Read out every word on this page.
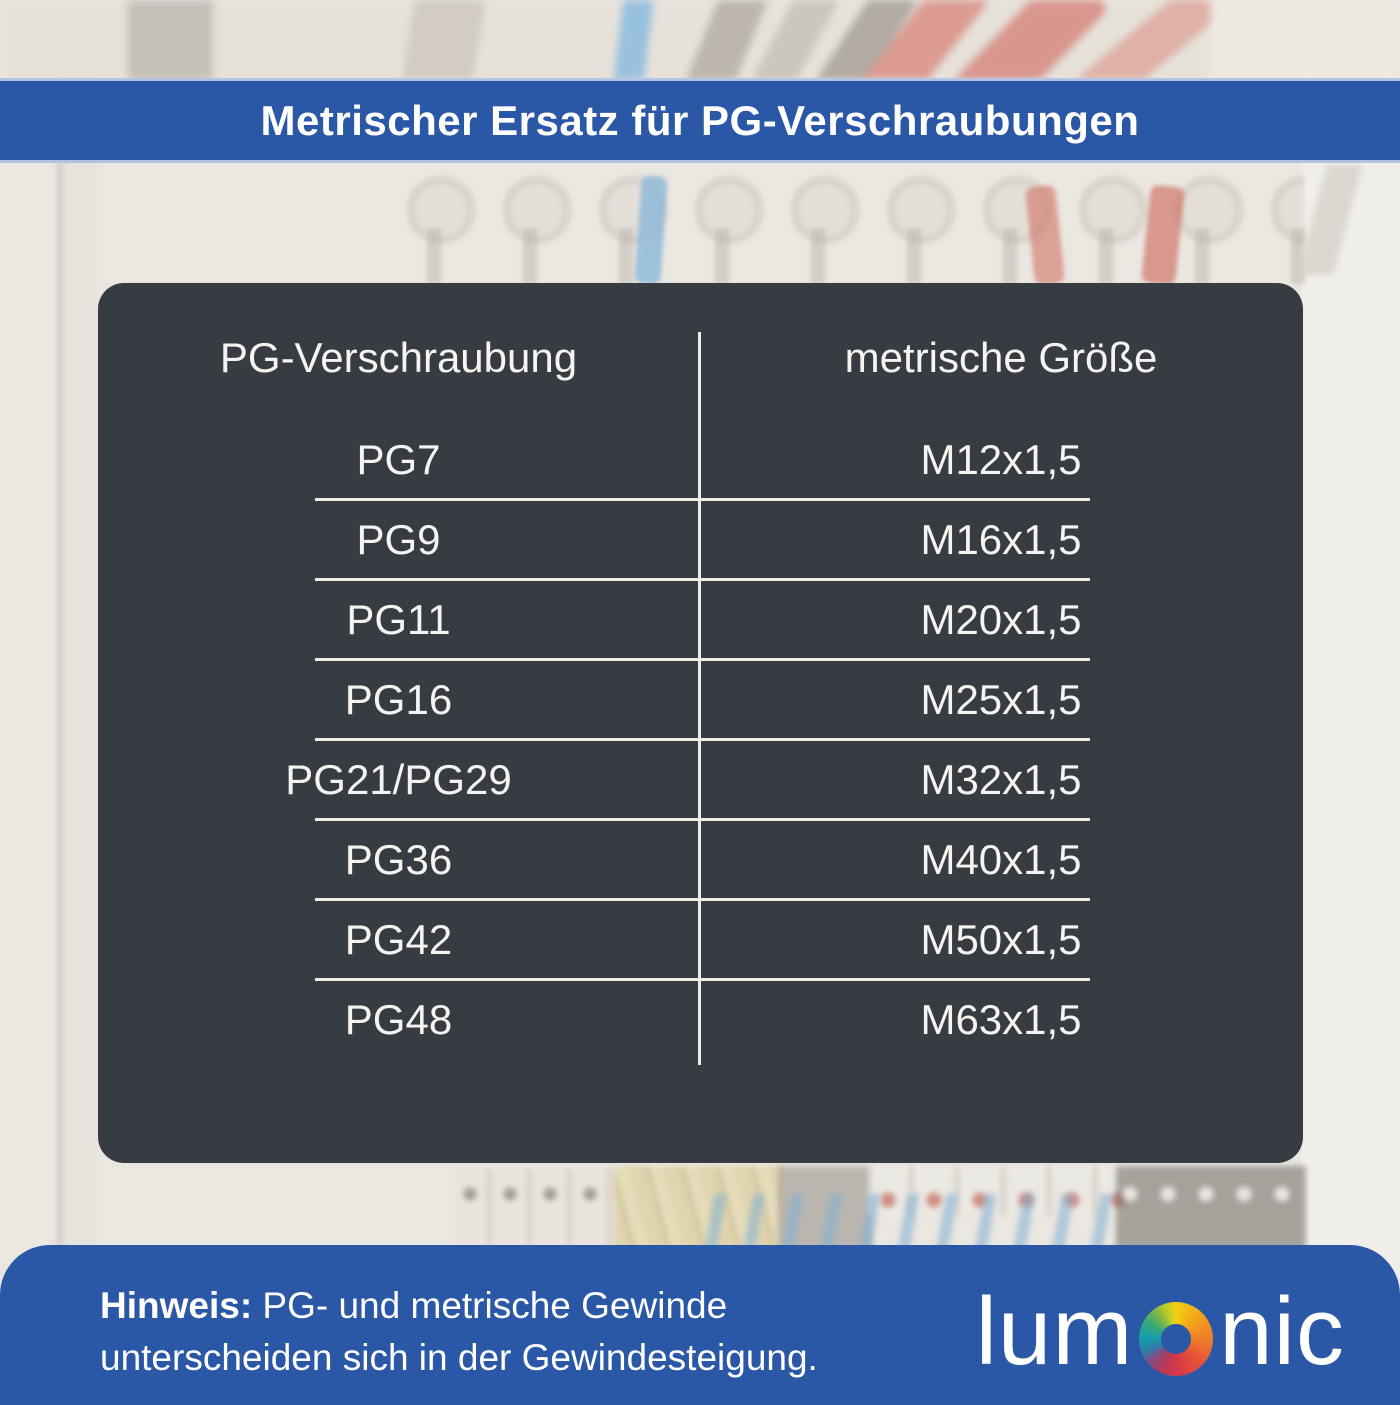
Metrischer Ersatz für PG-Verschraubungen
PG-Verschraubung	metrische Größe
PG7	M12x1,5
PG9	M16x1,5
PG11	M20x1,5
PG16	M25x1,5
PG21/PG29	M32x1,5
PG36	M40x1,5
PG42	M50x1,5
PG48	M63x1,5
Hinweis: PG- und metrische Gewinde unterscheiden sich in der Gewindesteigung.	lum nic
